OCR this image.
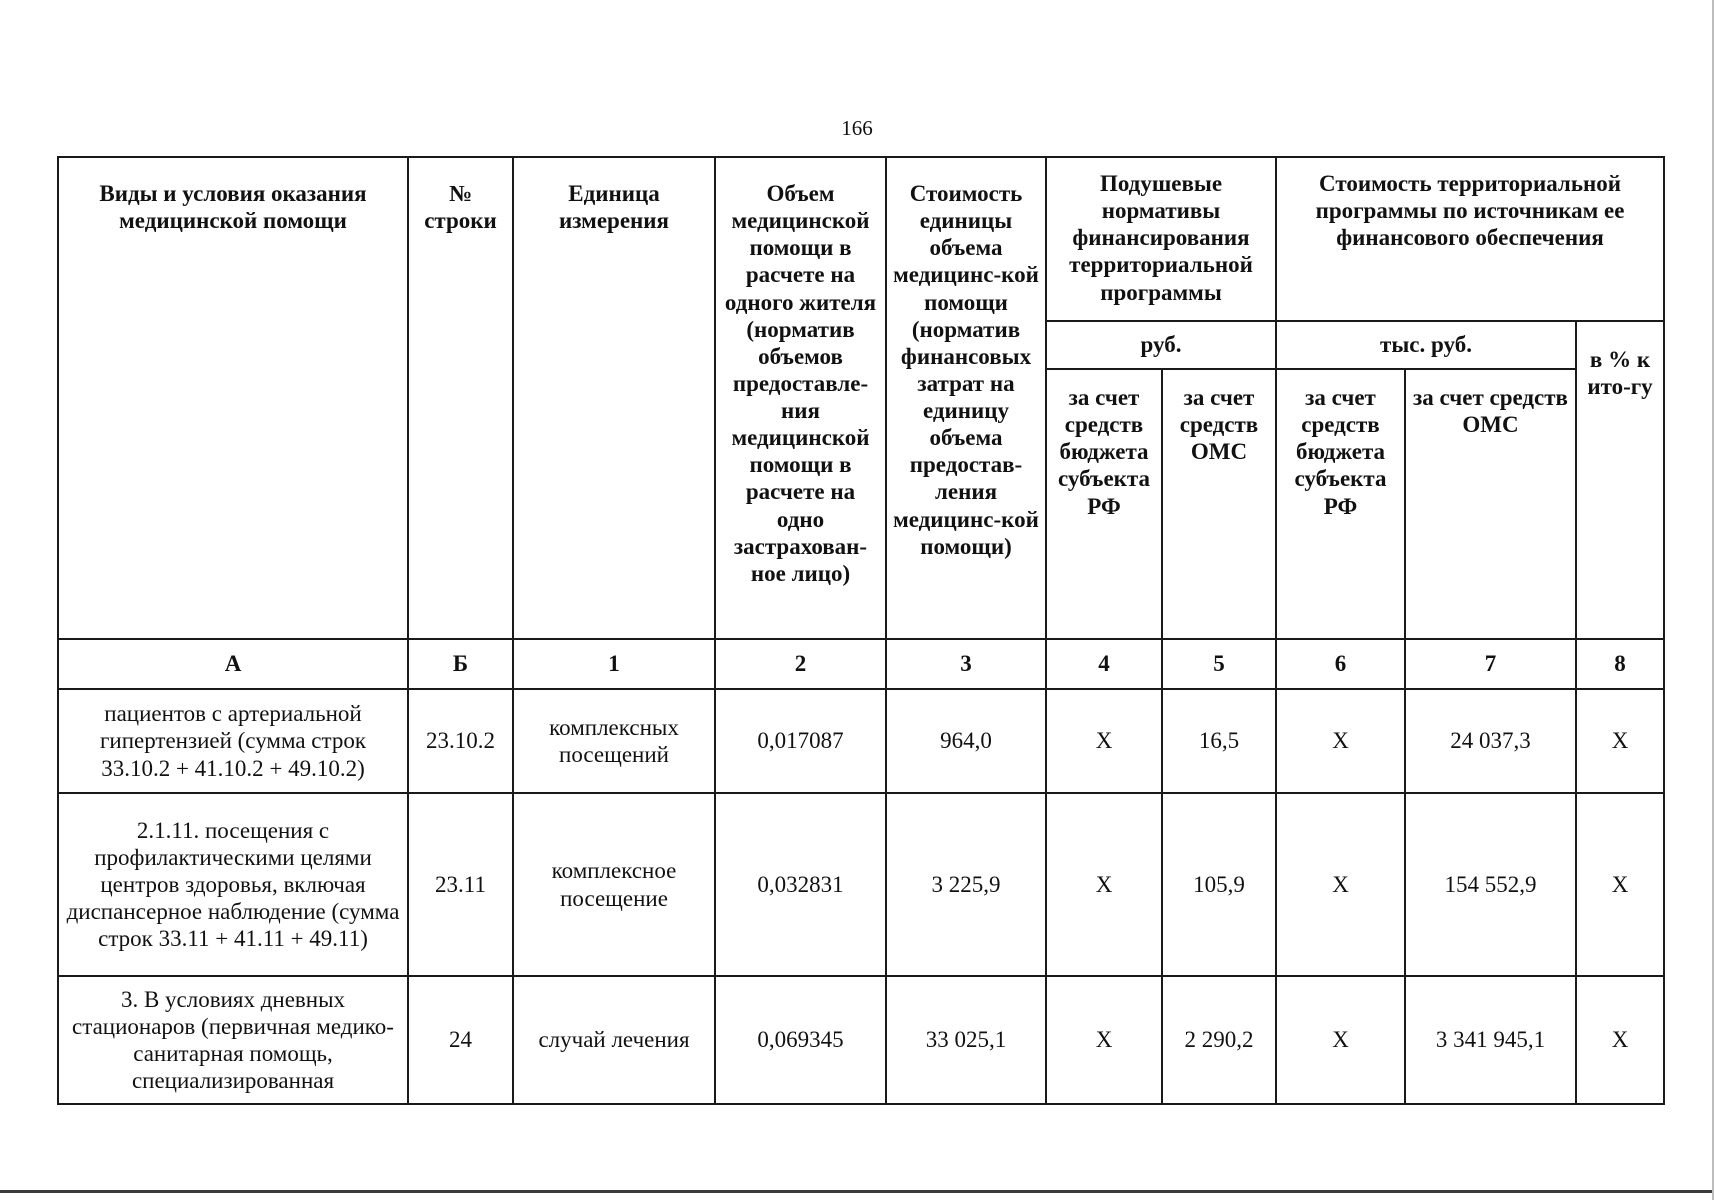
166
Виды и условия оказания медицинской помощи	№ строки	Единица измерения	Объем медицинской помощи в расчете на одного жителя (норматив объемов предоставле-ния медицинской помощи в расчете на одно застрахован-ное лицо)	Стоимость единицы объема медицинс-кой помощи (норматив финансовых затрат на единицу объема предостав-ления медицинс-кой помощи)	Подушевые нормативы финансирования территориальной программы		Стоимость территориальной программы по источникам ее финансового обеспечения		
					руб.		тыс. руб.		в % к ито-гу
					за счет средств бюджета субъекта РФ	за счет средств ОМС	за счет средств бюджета субъекта РФ	за счет средств ОМС	
А	Б	1	2	3	4	5	6	7	8
пациентов с артериальной гипертензией (сумма строк 33.10.2 + 41.10.2 + 49.10.2)	23.10.2	комплексных посещений	0,017087	964,0	Х	16,5	Х	24 037,3	Х
2.1.11. посещения с профилактическими целями центров здоровья, включая диспансерное наблюдение (сумма строк 33.11 + 41.11 + 49.11)	23.11	комплексное посещение	0,032831	3 225,9	Х	105,9	Х	154 552,9	Х
3. В условиях дневных стационаров (первичная медико-санитарная помощь, специализированная	24	случай лечения	0,069345	33 025,1	Х	2 290,2	Х	3 341 945,1	Х
